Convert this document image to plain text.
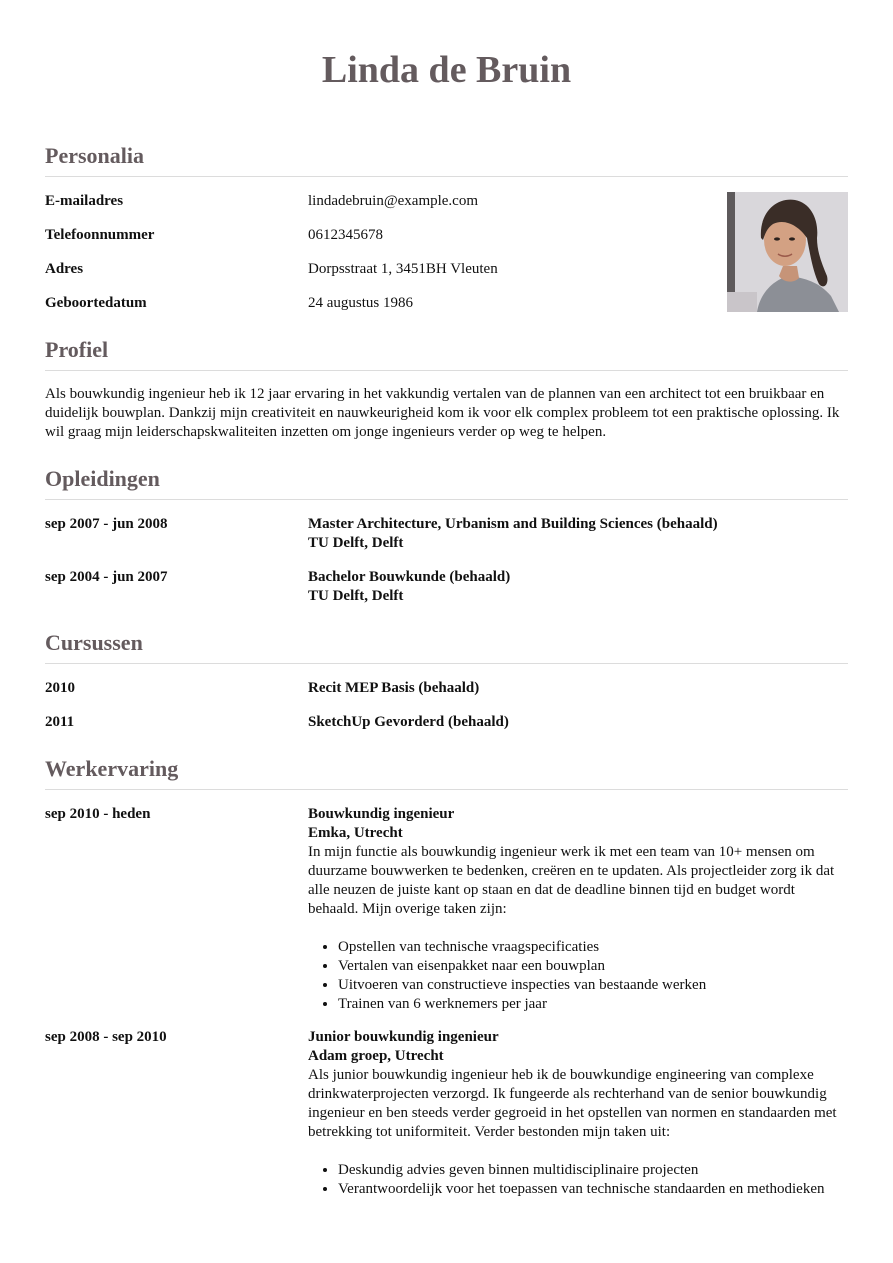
Linda de Bruin
Personalia
E-mailadres	lindadebruin@example.com
Telefoonnummer	0612345678
Adres	Dorpsstraat 1, 3451BH Vleuten
Geboortedatum	24 augustus 1986
Profiel

Als bouwkundig ingenieur heb ik 12 jaar ervaring in het vakkundig vertalen van de plannen van een architect tot een bruikbaar en duidelijk bouwplan. Dankzij mijn creativiteit en nauwkeurigheid kom ik voor elk complex probleem tot een praktische oplossing. Ik wil graag mijn leiderschapskwaliteiten inzetten om jonge ingenieurs verder op weg te helpen.

Opleidingen
sep 2007 - jun 2008	Master Architecture, Urbanism and Building Sciences (behaald)
TU Delft, Delft
sep 2004 - jun 2007	Bachelor Bouwkunde (behaald)
TU Delft, Delft
Cursussen
2010	Recit MEP Basis (behaald)
2011	SketchUp Gevorderd (behaald)
Werkervaring
sep 2010 - heden	Bouwkundig ingenieur
Emka, Utrecht
In mijn functie als bouwkundig ingenieur werk ik met een team van 10+ mensen om duurzame bouwwerken te bedenken, creëren en te updaten. Als projectleider zorg ik dat alle neuzen de juiste kant op staan en dat de deadline binnen tijd en budget wordt behaald. Mijn overige taken zijn:
• Opstellen van technische vraagspecificaties
• Vertalen van eisenpakket naar een bouwplan
• Uitvoeren van constructieve inspecties van bestaande werken
• Trainen van 6 werknemers per jaar
sep 2008 - sep 2010	Junior bouwkundig ingenieur
Adam groep, Utrecht
Als junior bouwkundig ingenieur heb ik de bouwkundige engineering van complexe drinkwaterprojecten verzorgd. Ik fungeerde als rechterhand van de senior bouwkundig ingenieur en ben steeds verder gegroeid in het opstellen van normen en standaarden met betrekking tot uniformiteit. Verder bestonden mijn taken uit:
• Deskundig advies geven binnen multidisciplinaire projecten
• Verantwoordelijk voor het toepassen van technische standaarden en methodieken
